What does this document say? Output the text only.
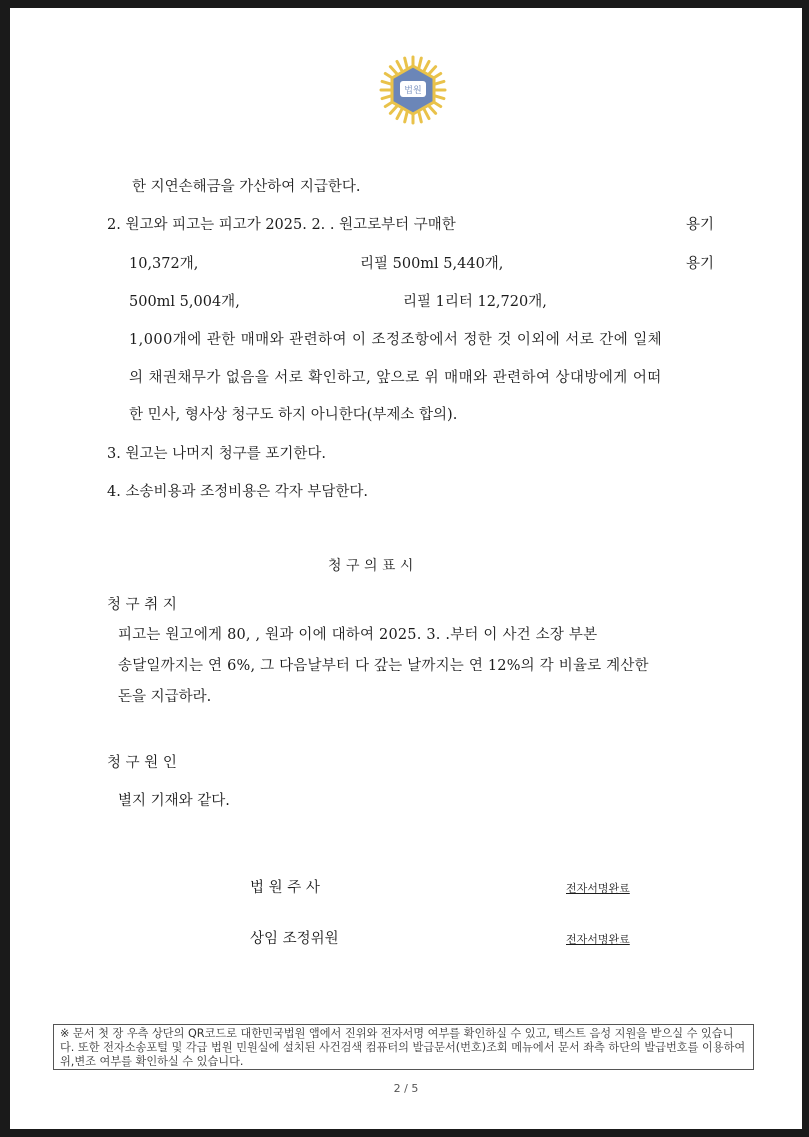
법원
한 지연손해금을 가산하여 지급한다.
2. 원고와 피고는 피고가 2025. 2. . 원고로부터 구매한	용기
10,372개,	리필 500ml 5,440개,	용기
500ml 5,004개,	리필 1리터 12,720개,
1,000개에 관한 매매와 관련하여 이 조정조항에서 정한 것 이외에 서로 간에 일체
의 채권채무가 없음을 서로 확인하고, 앞으로 위 매매와 관련하여 상대방에게 어떠
한 민사, 형사상 청구도 하지 아니한다(부제소 합의).
3. 원고는 나머지 청구를 포기한다.
4. 소송비용과 조정비용은 각자 부담한다.
청 구 의 표 시
청 구 취 지
피고는 원고에게 80, , 원과 이에 대하여 2025. 3. .부터 이 사건 소장 부본
송달일까지는 연 6%, 그 다음날부터 다 갚는 날까지는 연 12%의 각 비율로 계산한
돈을 지급하라.
청 구 원 인
별지 기재와 같다.
법 원 주 사	전자서명완료
상임 조정위원	전자서명완료
※ 문서 첫 장 우측 상단의 QR코드로 대한민국법원 앱에서 진위와 전자서명 여부를 확인하실 수 있고, 텍스트 음성 지원을 받으실 수 있습니다. 또한 전자소송포털 및 각급 법원 민원실에 설치된 사건검색 컴퓨터의 발급문서(번호)조회 메뉴에서 문서 좌측 하단의 발급번호를 이용하여 위,변조 여부를 확인하실 수 있습니다.
2 / 5
